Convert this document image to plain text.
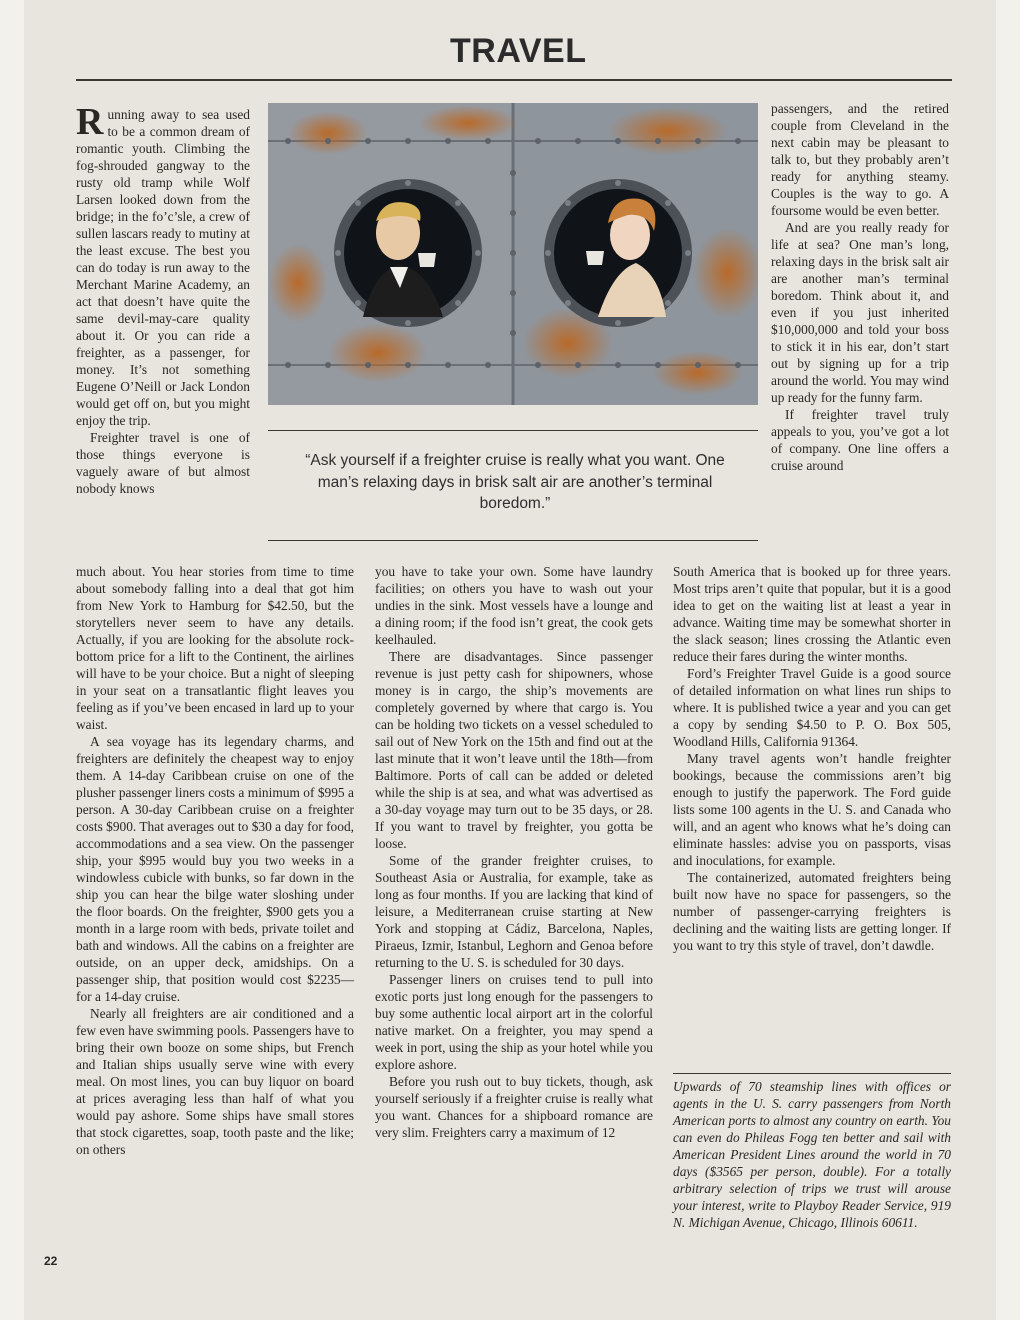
TRAVEL

Running away to sea used to be a common dream of romantic youth. Climbing the fog-shrouded gangway to the rusty old tramp while Wolf Larsen looked down from the bridge; in the fo’c’sle, a crew of sullen lascars ready to mutiny at the least excuse. The best you can do today is run away to the Merchant Marine Academy, an act that doesn’t have quite the same devil-may-care quality about it. Or you can ride a freighter, as a passenger, for money. It’s not something Eugene O’Neill or Jack London would get off on, but you might enjoy the trip.

Freighter travel is one of those things everyone is vaguely aware of but almost nobody knows

“Ask yourself if a freighter cruise is really what you want. One man’s relaxing days in brisk salt air are another’s terminal boredom.”

passengers, and the retired couple from Cleveland in the next cabin may be pleasant to talk to, but they probably aren’t ready for anything steamy. Couples is the way to go. A foursome would be even better.

And are you really ready for life at sea? One man’s long, relaxing days in the brisk salt air are another man’s terminal boredom. Think about it, and even if you just inherited $10,000,000 and told your boss to stick it in his ear, don’t start out by signing up for a trip around the world. You may wind up ready for the funny farm.

If freighter travel truly appeals to you, you’ve got a lot of company. One line offers a cruise around

much about. You hear stories from time to time about somebody falling into a deal that got him from New York to Hamburg for $42.50, but the storytellers never seem to have any details. Actually, if you are looking for the absolute rock-bottom price for a lift to the Continent, the airlines will have to be your choice. But a night of sleeping in your seat on a transatlantic flight leaves you feeling as if you’ve been encased in lard up to your waist.

A sea voyage has its legendary charms, and freighters are definitely the cheapest way to enjoy them. A 14-day Caribbean cruise on one of the plusher passenger liners costs a minimum of $995 a person. A 30-day Caribbean cruise on a freighter costs $900. That averages out to $30 a day for food, accommodations and a sea view. On the passenger ship, your $995 would buy you two weeks in a windowless cubicle with bunks, so far down in the ship you can hear the bilge water sloshing under the floor boards. On the freighter, $900 gets you a month in a large room with beds, private toilet and bath and windows. All the cabins on a freighter are outside, on an upper deck, amidships. On a passenger ship, that position would cost $2235—for a 14-day cruise.

Nearly all freighters are air conditioned and a few even have swimming pools. Passengers have to bring their own booze on some ships, but French and Italian ships usually serve wine with every meal. On most lines, you can buy liquor on board at prices averaging less than half of what you would pay ashore. Some ships have small stores that stock cigarettes, soap, tooth paste and the like; on others

you have to take your own. Some have laundry facilities; on others you have to wash out your undies in the sink. Most vessels have a lounge and a dining room; if the food isn’t great, the cook gets keelhauled.

There are disadvantages. Since passenger revenue is just petty cash for shipowners, whose money is in cargo, the ship’s movements are completely governed by where that cargo is. You can be holding two tickets on a vessel scheduled to sail out of New York on the 15th and find out at the last minute that it won’t leave until the 18th—from Baltimore. Ports of call can be added or deleted while the ship is at sea, and what was advertised as a 30-day voyage may turn out to be 35 days, or 28. If you want to travel by freighter, you gotta be loose.

Some of the grander freighter cruises, to Southeast Asia or Australia, for example, take as long as four months. If you are lacking that kind of leisure, a Mediterranean cruise starting at New York and stopping at Cádiz, Barcelona, Naples, Piraeus, Izmir, Istanbul, Leghorn and Genoa before returning to the U. S. is scheduled for 30 days.

Passenger liners on cruises tend to pull into exotic ports just long enough for the passengers to buy some authentic local airport art in the colorful native market. On a freighter, you may spend a week in port, using the ship as your hotel while you explore ashore.

Before you rush out to buy tickets, though, ask yourself seriously if a freighter cruise is really what you want. Chances for a shipboard romance are very slim. Freighters carry a maximum of 12

South America that is booked up for three years. Most trips aren’t quite that popular, but it is a good idea to get on the waiting list at least a year in advance. Waiting time may be somewhat shorter in the slack season; lines crossing the Atlantic even reduce their fares during the winter months.

Ford’s Freighter Travel Guide is a good source of detailed information on what lines run ships to where. It is published twice a year and you can get a copy by sending $4.50 to P. O. Box 505, Woodland Hills, California 91364.

Many travel agents won’t handle freighter bookings, because the commissions aren’t big enough to justify the paperwork. The Ford guide lists some 100 agents in the U. S. and Canada who will, and an agent who knows what he’s doing can eliminate hassles: advise you on passports, visas and inoculations, for example.

The containerized, automated freighters being built now have no space for passengers, so the number of passenger-carrying freighters is declining and the waiting lists are getting longer. If you want to try this style of travel, don’t dawdle.

Upwards of 70 steamship lines with offices or agents in the U. S. carry passengers from North American ports to almost any country on earth. You can even do Phileas Fogg ten better and sail with American President Lines around the world in 70 days ($3565 per person, double). For a totally arbitrary selection of trips we trust will arouse your interest, write to Playboy Reader Service, 919 N. Michigan Avenue, Chicago, Illinois 60611.
22
